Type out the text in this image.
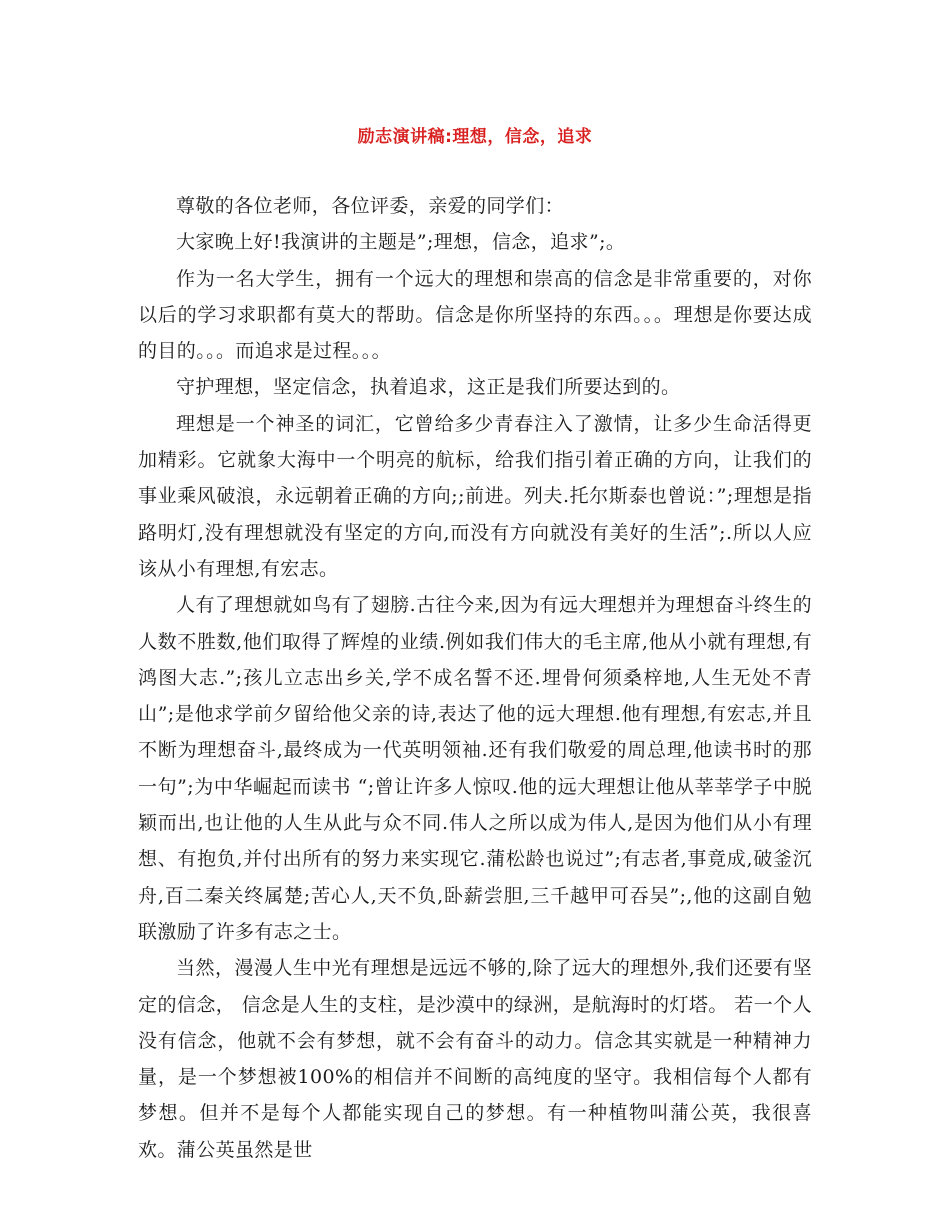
励志演讲稿:理想，信念，追求

尊敬的各位老师，各位评委，亲爱的同学们：

大家晚上好!我演讲的主题是”;理想，信念，追求”;。

作为一名大学生，拥有一个远大的理想和崇高的信念是非常重要的，对你以后的学习求职都有莫大的帮助。信念是你所坚持的东西。。。理想是你要达成的目的。。。而追求是过程。。。

守护理想，坚定信念，执着追求，这正是我们所要达到的。

理想是一个神圣的词汇，它曾给多少青春注入了激情，让多少生命活得更加精彩。它就象大海中一个明亮的航标，给我们指引着正确的方向，让我们的事业乘风破浪，永远朝着正确的方向;;前进。列夫.托尔斯泰也曾说：”;理想是指路明灯,没有理想就没有坚定的方向,而没有方向就没有美好的生活”;.所以人应该从小有理想,有宏志。

人有了理想就如鸟有了翅膀.古往今来,因为有远大理想并为理想奋斗终生的人数不胜数,他们取得了辉煌的业绩.例如我们伟大的毛主席,他从小就有理想,有鸿图大志.”;孩儿立志出乡关,学不成名誓不还.埋骨何须桑梓地,人生无处不青山”;是他求学前夕留给他父亲的诗,表达了他的远大理想.他有理想,有宏志,并且不断为理想奋斗,最终成为一代英明领袖.还有我们敬爱的周总理,他读书时的那一句”;为中华崛起而读书 “;曾让许多人惊叹.他的远大理想让他从莘莘学子中脱颖而出,也让他的人生从此与众不同.伟人之所以成为伟人,是因为他们从小有理想、有抱负,并付出所有的努力来实现它.蒲松龄也说过”;有志者,事竟成,破釜沉舟,百二秦关终属楚;苦心人,天不负,卧薪尝胆,三千越甲可吞吴”;,他的这副自勉联激励了许多有志之士。

当然，漫漫人生中光有理想是远远不够的,除了远大的理想外,我们还要有坚定的信念， 信念是人生的支柱，是沙漠中的绿洲，是航海时的灯塔。 若一个人没有信念，他就不会有梦想，就不会有奋斗的动力。信念其实就是一种精神力量，是一个梦想被100%的相信并不间断的高纯度的坚守。我相信每个人都有梦想。但并不是每个人都能实现自己的梦想。有一种植物叫蒲公英，我很喜欢。蒲公英虽然是世
